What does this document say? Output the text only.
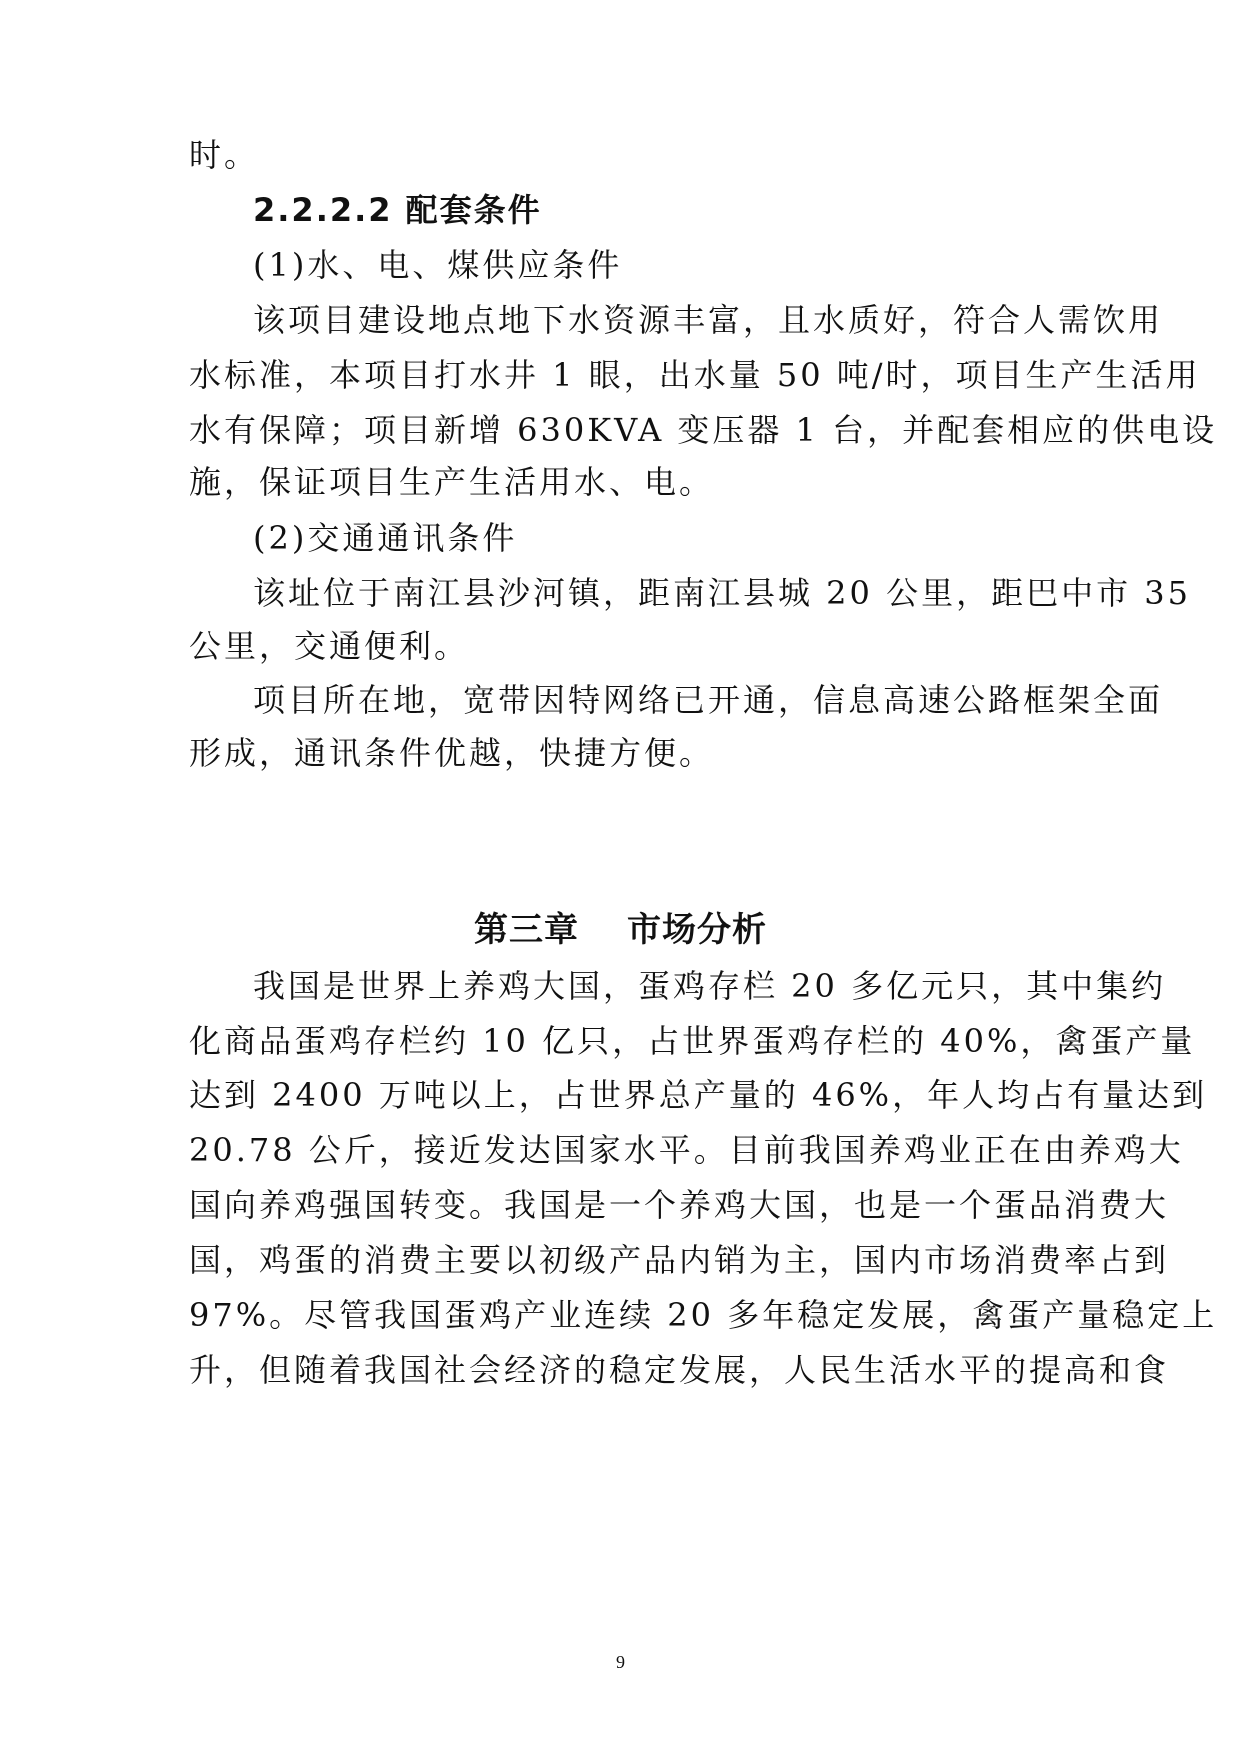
时。
2.2.2.2 配套条件
(1)水、电、煤供应条件
该项目建设地点地下水资源丰富，且水质好，符合人需饮用
水标准，本项目打水井 1 眼，出水量 50 吨/时，项目生产生活用
水有保障；项目新增 630KVA 变压器 1 台，并配套相应的供电设
施，保证项目生产生活用水、电。
(2)交通通讯条件
该址位于南江县沙河镇，距南江县城 20 公里，距巴中市 35
公里，交通便利。
项目所在地，宽带因特网络已开通，信息高速公路框架全面
形成，通讯条件优越，快捷方便。
第三章 市场分析
我国是世界上养鸡大国，蛋鸡存栏 20 多亿元只，其中集约
化商品蛋鸡存栏约 10 亿只，占世界蛋鸡存栏的 40%，禽蛋产量
达到 2400 万吨以上，占世界总产量的 46%，年人均占有量达到
20.78 公斤，接近发达国家水平。目前我国养鸡业正在由养鸡大
国向养鸡强国转变。我国是一个养鸡大国，也是一个蛋品消费大
国，鸡蛋的消费主要以初级产品内销为主，国内市场消费率占到
97%。尽管我国蛋鸡产业连续 20 多年稳定发展，禽蛋产量稳定上
升，但随着我国社会经济的稳定发展，人民生活水平的提高和食
9
